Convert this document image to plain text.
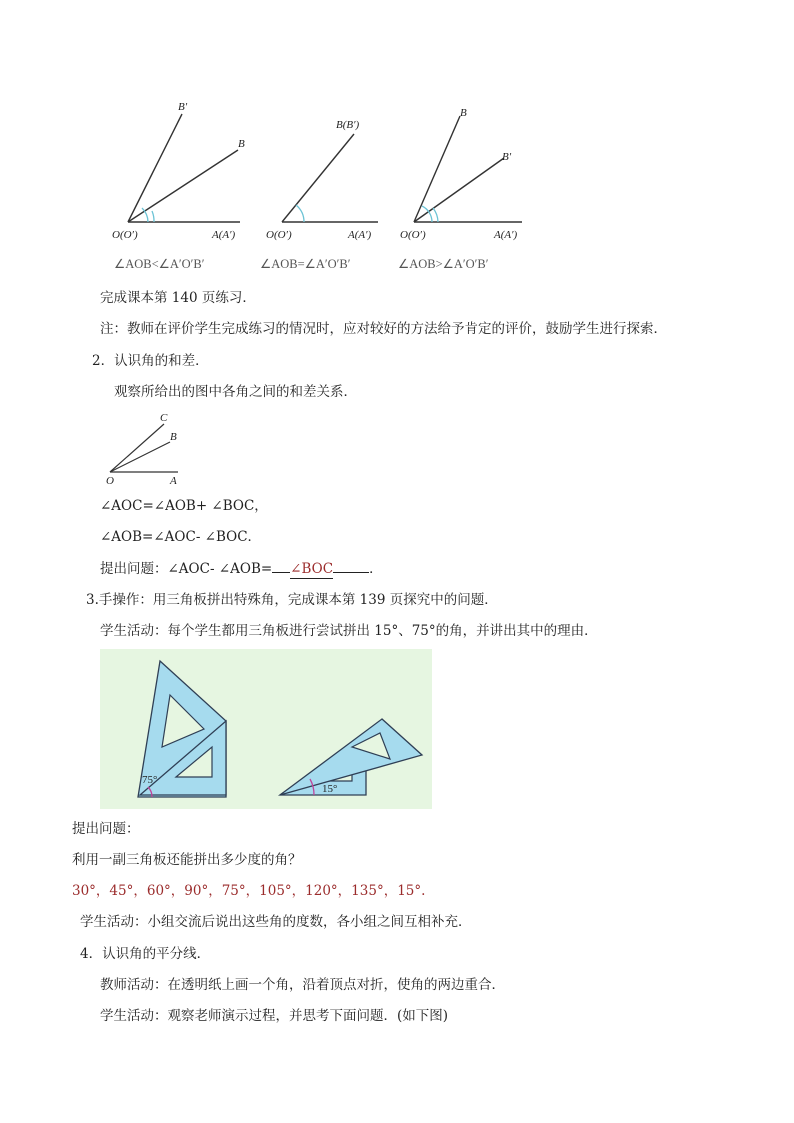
B′
B
O(O′)	A(A′)
∠AOB<∠A′O′B′
B(B′)
O(O′)	A(A′)
∠AOB=∠A′O′B′
B
B′
O(O′)	A(A′)
∠AOB>∠A′O′B′
完成课本第 140 页练习．
注：教师在评价学生完成练习的情况时，应对较好的方法给予肯定的评价，鼓励学生进行探索．
2．认识角的和差．
观察所给出的图中各角之间的和差关系．
C
B
O	A
∠AOC=∠AOB+ ∠BOC，
∠AOB=∠AOC- ∠BOC．
提出问题：∠AOC- ∠AOB= ∠BOC	．
3.手操作：用三角板拼出特殊角，完成课本第 139 页探究中的问题．
学生活动：每个学生都用三角板进行尝试拼出 15°、75°的角，并讲出其中的理由．
75°
15°
提出问题：
利用一副三角板还能拼出多少度的角？
30°，45°，60°，90°，75°，105°，120°，135°，15°.
学生活动：小组交流后说出这些角的度数，各小组之间互相补充．
4．认识角的平分线．
教师活动：在透明纸上画一个角，沿着顶点对折，使角的两边重合．
学生活动：观察老师演示过程，并思考下面问题．(如下图)
